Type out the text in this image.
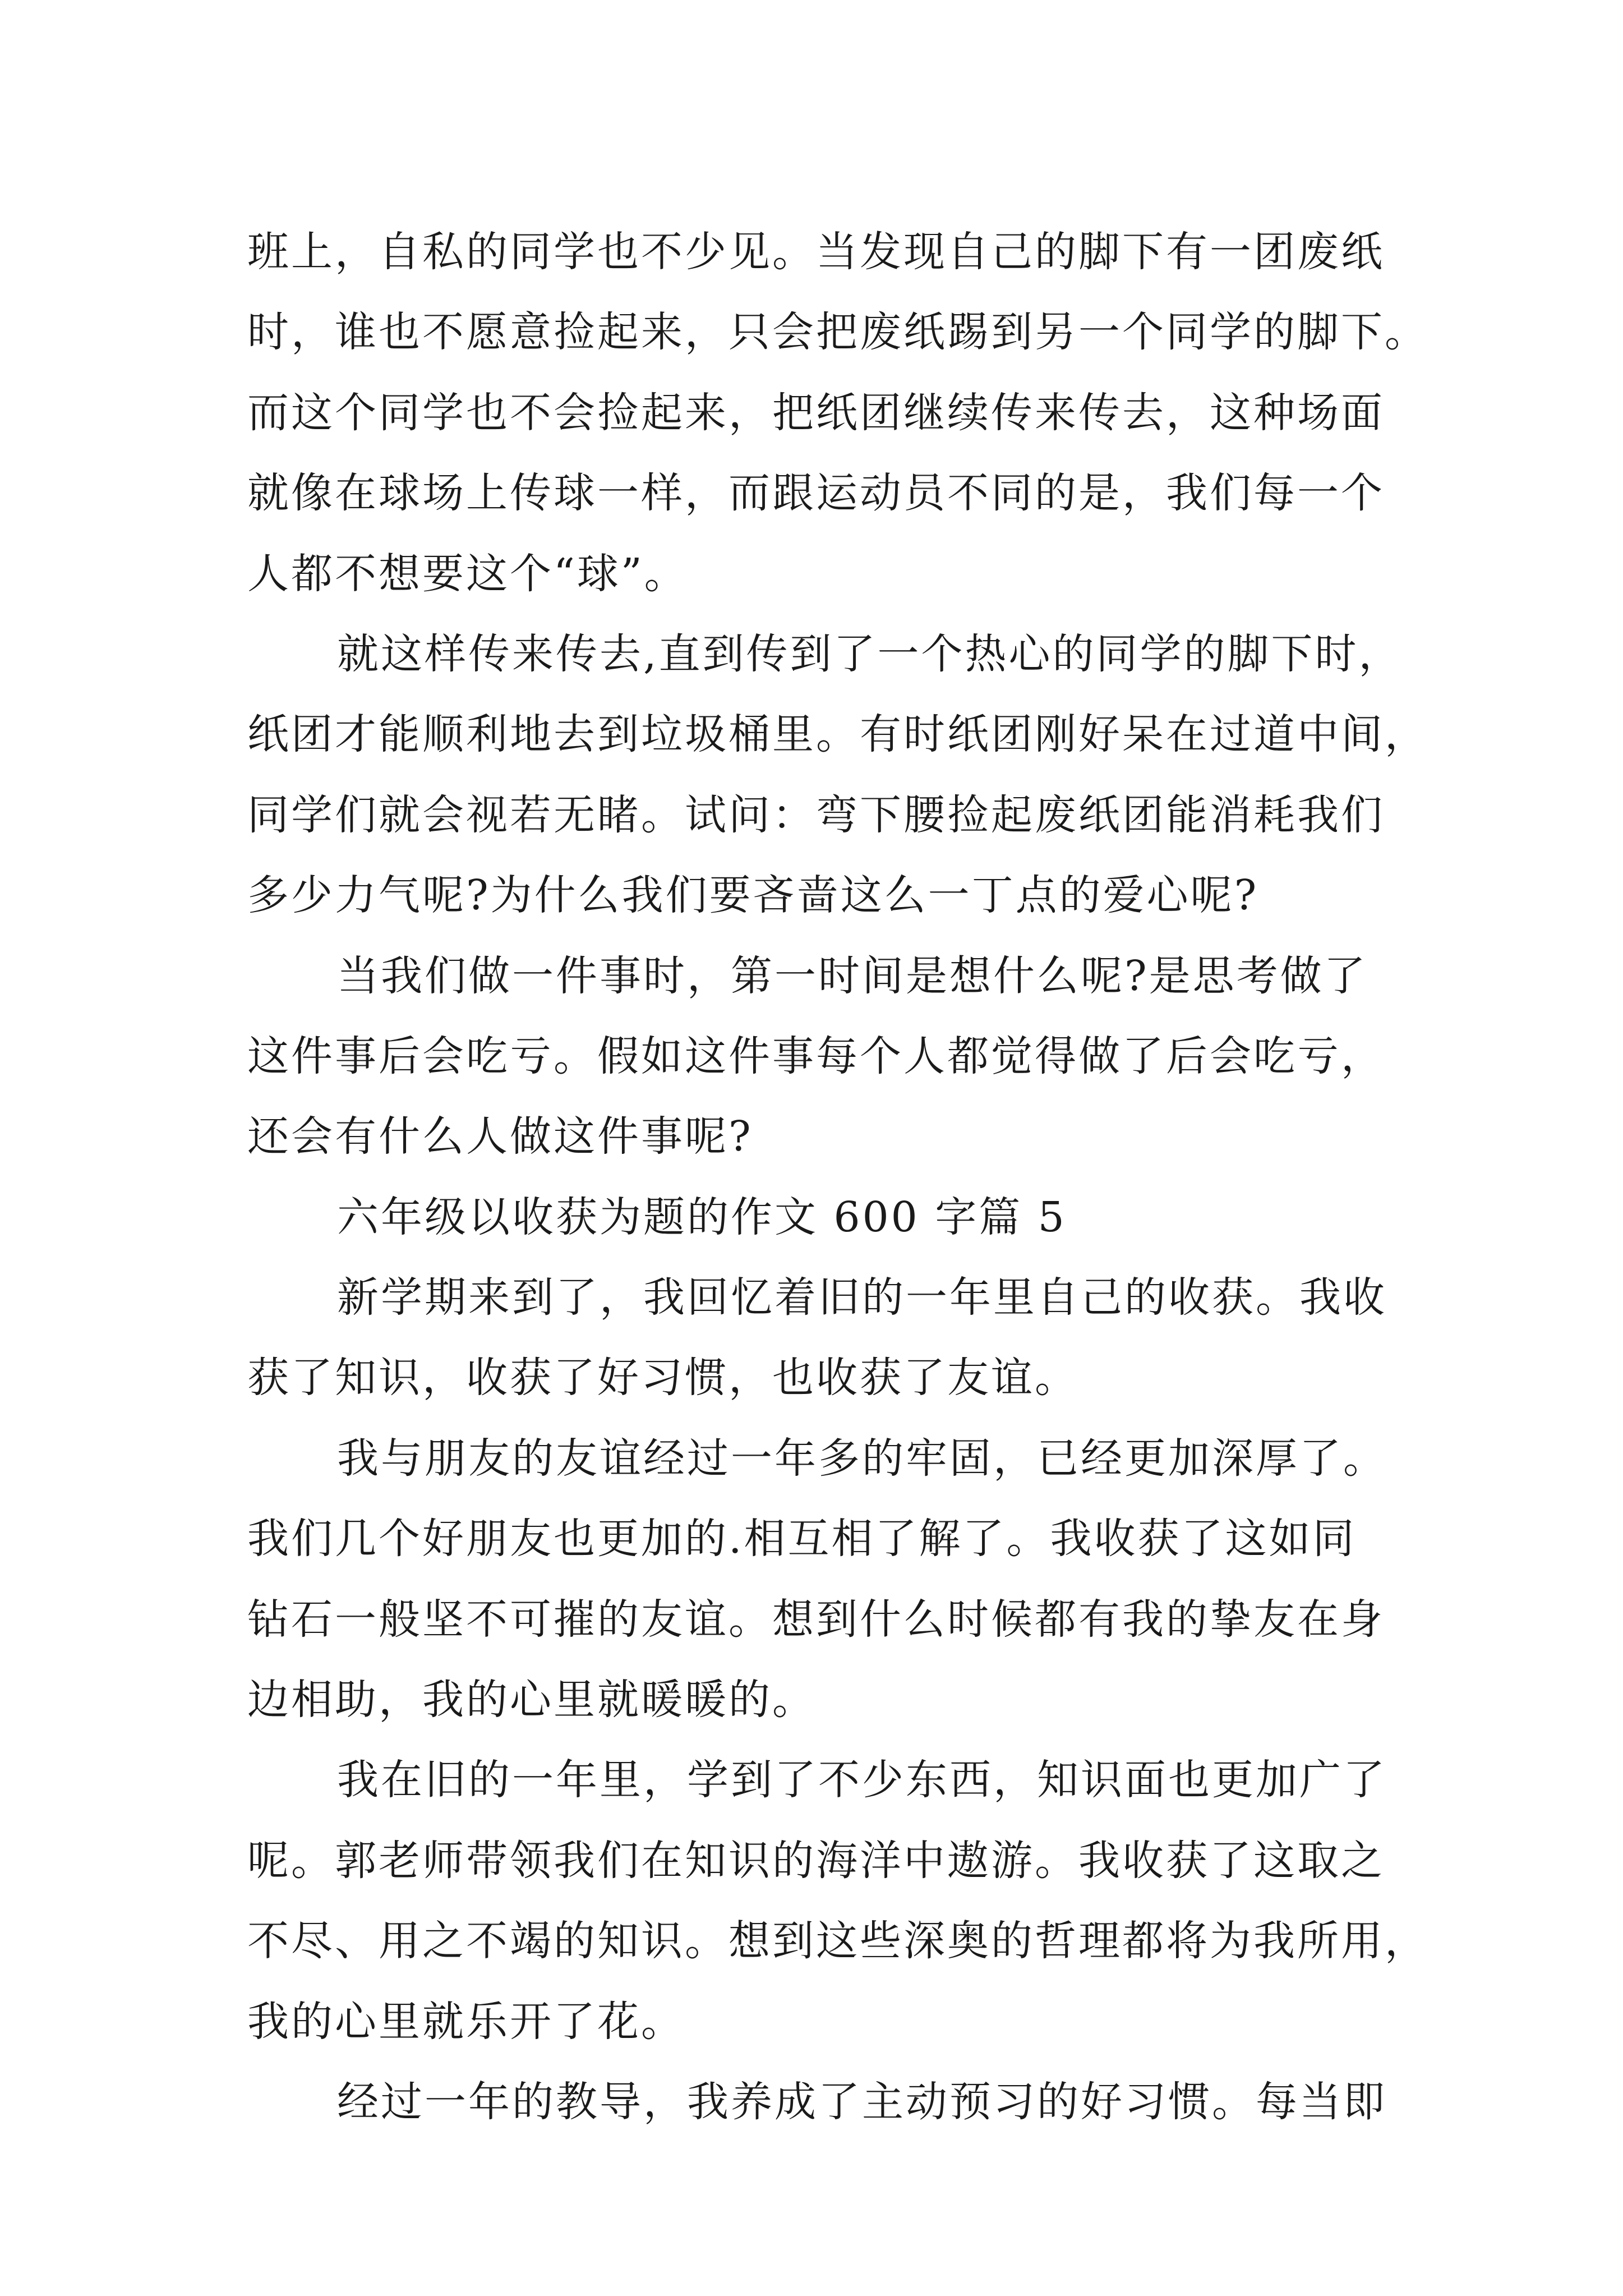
班上，自私的同学也不少见。当发现自己的脚下有一团废纸
时，谁也不愿意捡起来，只会把废纸踢到另一个同学的脚下。
而这个同学也不会捡起来，把纸团继续传来传去，这种场面
就像在球场上传球一样，而跟运动员不同的是，我们每一个
人都不想要这个“球”。
就这样传来传去,直到传到了一个热心的同学的脚下时，
纸团才能顺利地去到垃圾桶里。有时纸团刚好呆在过道中间，
同学们就会视若无睹。试问：弯下腰捡起废纸团能消耗我们
多少力气呢?为什么我们要吝啬这么一丁点的爱心呢?
当我们做一件事时，第一时间是想什么呢?是思考做了
这件事后会吃亏。假如这件事每个人都觉得做了后会吃亏，
还会有什么人做这件事呢?
六年级以收获为题的作文 600 字篇 5
新学期来到了，我回忆着旧的一年里自己的收获。我收
获了知识，收获了好习惯，也收获了友谊。
我与朋友的友谊经过一年多的牢固，已经更加深厚了。
我们几个好朋友也更加的.相互相了解了。我收获了这如同
钻石一般坚不可摧的友谊。想到什么时候都有我的挚友在身
边相助，我的心里就暖暖的。
我在旧的一年里，学到了不少东西，知识面也更加广了
呢。郭老师带领我们在知识的海洋中遨游。我收获了这取之
不尽、用之不竭的知识。想到这些深奥的哲理都将为我所用，
我的心里就乐开了花。
经过一年的教导，我养成了主动预习的好习惯。每当即
